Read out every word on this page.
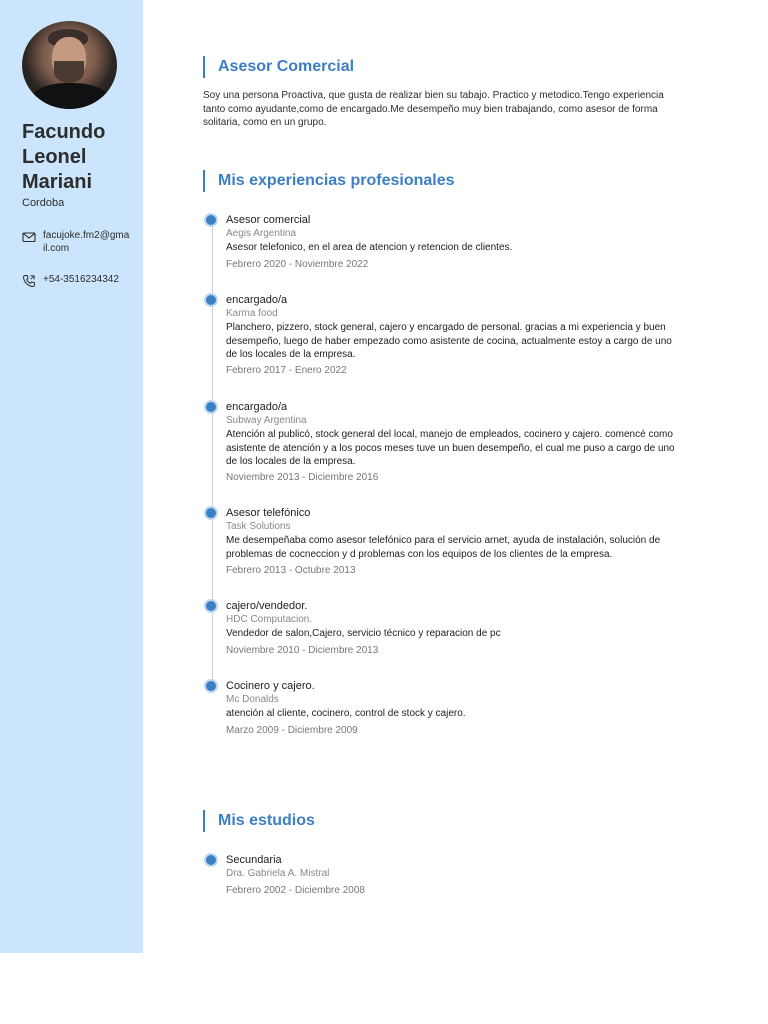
Facundo Leonel Mariani
Cordoba
facujoke.fm2@gmail.com
+54-3516234342
Asesor Comercial
Soy una persona Proactiva, que gusta de realizar bien su tabajo. Practico y metodico.Tengo experiencia tanto como ayudante,como de encargado.Me desempeño muy bien trabajando, como asesor de forma solitaria, como en un grupo.
Mis experiencias profesionales
Asesor comercial
Aegis Argentina
Asesor telefonico, en el area de atencion y retencion de clientes.
Febrero 2020 - Noviembre 2022
encargado/a
Karma food
Planchero, pizzero, stock general, cajero y encargado de personal. gracias a mi experiencia y buen desempeño, luego de haber empezado como asistente de cocina, actualmente estoy a cargo de uno de los locales de la empresa.
Febrero 2017 - Enero 2022
encargado/a
Subway Argentina
Atención al publicó, stock general del local, manejo de empleados, cocinero y cajero. comencé como asistente de atención y a los pocos meses tuve un buen desempeño, el cual me puso a cargo de uno de los locales de la empresa.
Noviembre 2013 - Diciembre 2016
Asesor telefónico
Task Solutions
Me desempeñaba como asesor telefónico para el servicio arnet, ayuda de instalación, solución de problemas de cocneccion y d problemas con los equipos de los clientes de la empresa.
Febrero 2013 - Octubre 2013
cajero/vendedor.
HDC Computacion.
Vendedor de salon,Cajero, servicio técnico y reparacion de pc
Noviembre 2010 - Diciembre 2013
Cocinero y cajero.
Mc Donalds
atención al cliente, cocinero, control de stock y cajero.
Marzo 2009 - Diciembre 2009
Mis estudios
Secundaria
Dra. Gabriela A. Mistral
Febrero 2002 - Diciembre 2008
